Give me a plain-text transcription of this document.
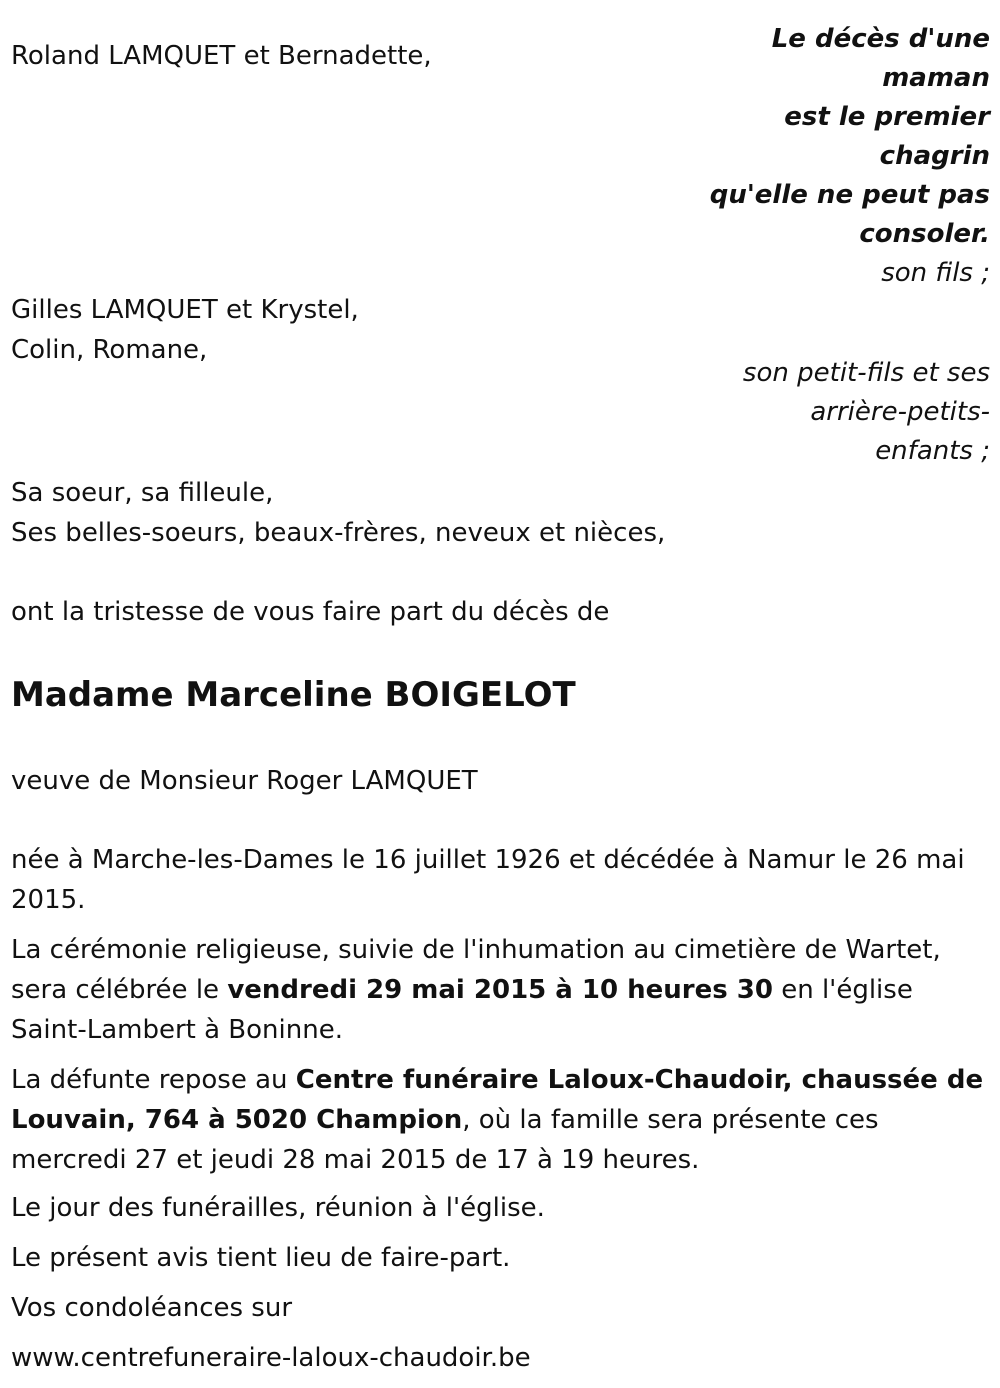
Roland LAMQUET et Bernadette,

Gilles LAMQUET et Krystel,

Colin, Romane,

Sa soeur, sa filleule,

Ses belles-soeurs, beaux-frères, neveux et nièces,

Le décès d'une
maman
est le premier
chagrin
qu'elle ne peut pas
consoler.
son fils ;
son petit-fils et ses
arrière-petits-
enfants ;

ont la tristesse de vous faire part du décès de

Madame Marceline BOIGELOT

veuve de Monsieur Roger LAMQUET

née à Marche-les-Dames le 16 juillet 1926 et décédée à Namur le 26 mai 2015.

La cérémonie religieuse, suivie de l'inhumation au cimetière de Wartet, sera célébrée le vendredi 29 mai 2015 à 10 heures 30 en l'église Saint-Lambert à Boninne.

La défunte repose au Centre funéraire Laloux-Chaudoir, chaussée de Louvain, 764 à 5020 Champion, où la famille sera présente ces mercredi 27 et jeudi 28 mai 2015 de 17 à 19 heures.

Le jour des funérailles, réunion à l'église.

Le présent avis tient lieu de faire-part.

Vos condoléances sur

www.centrefuneraire-laloux-chaudoir.be
